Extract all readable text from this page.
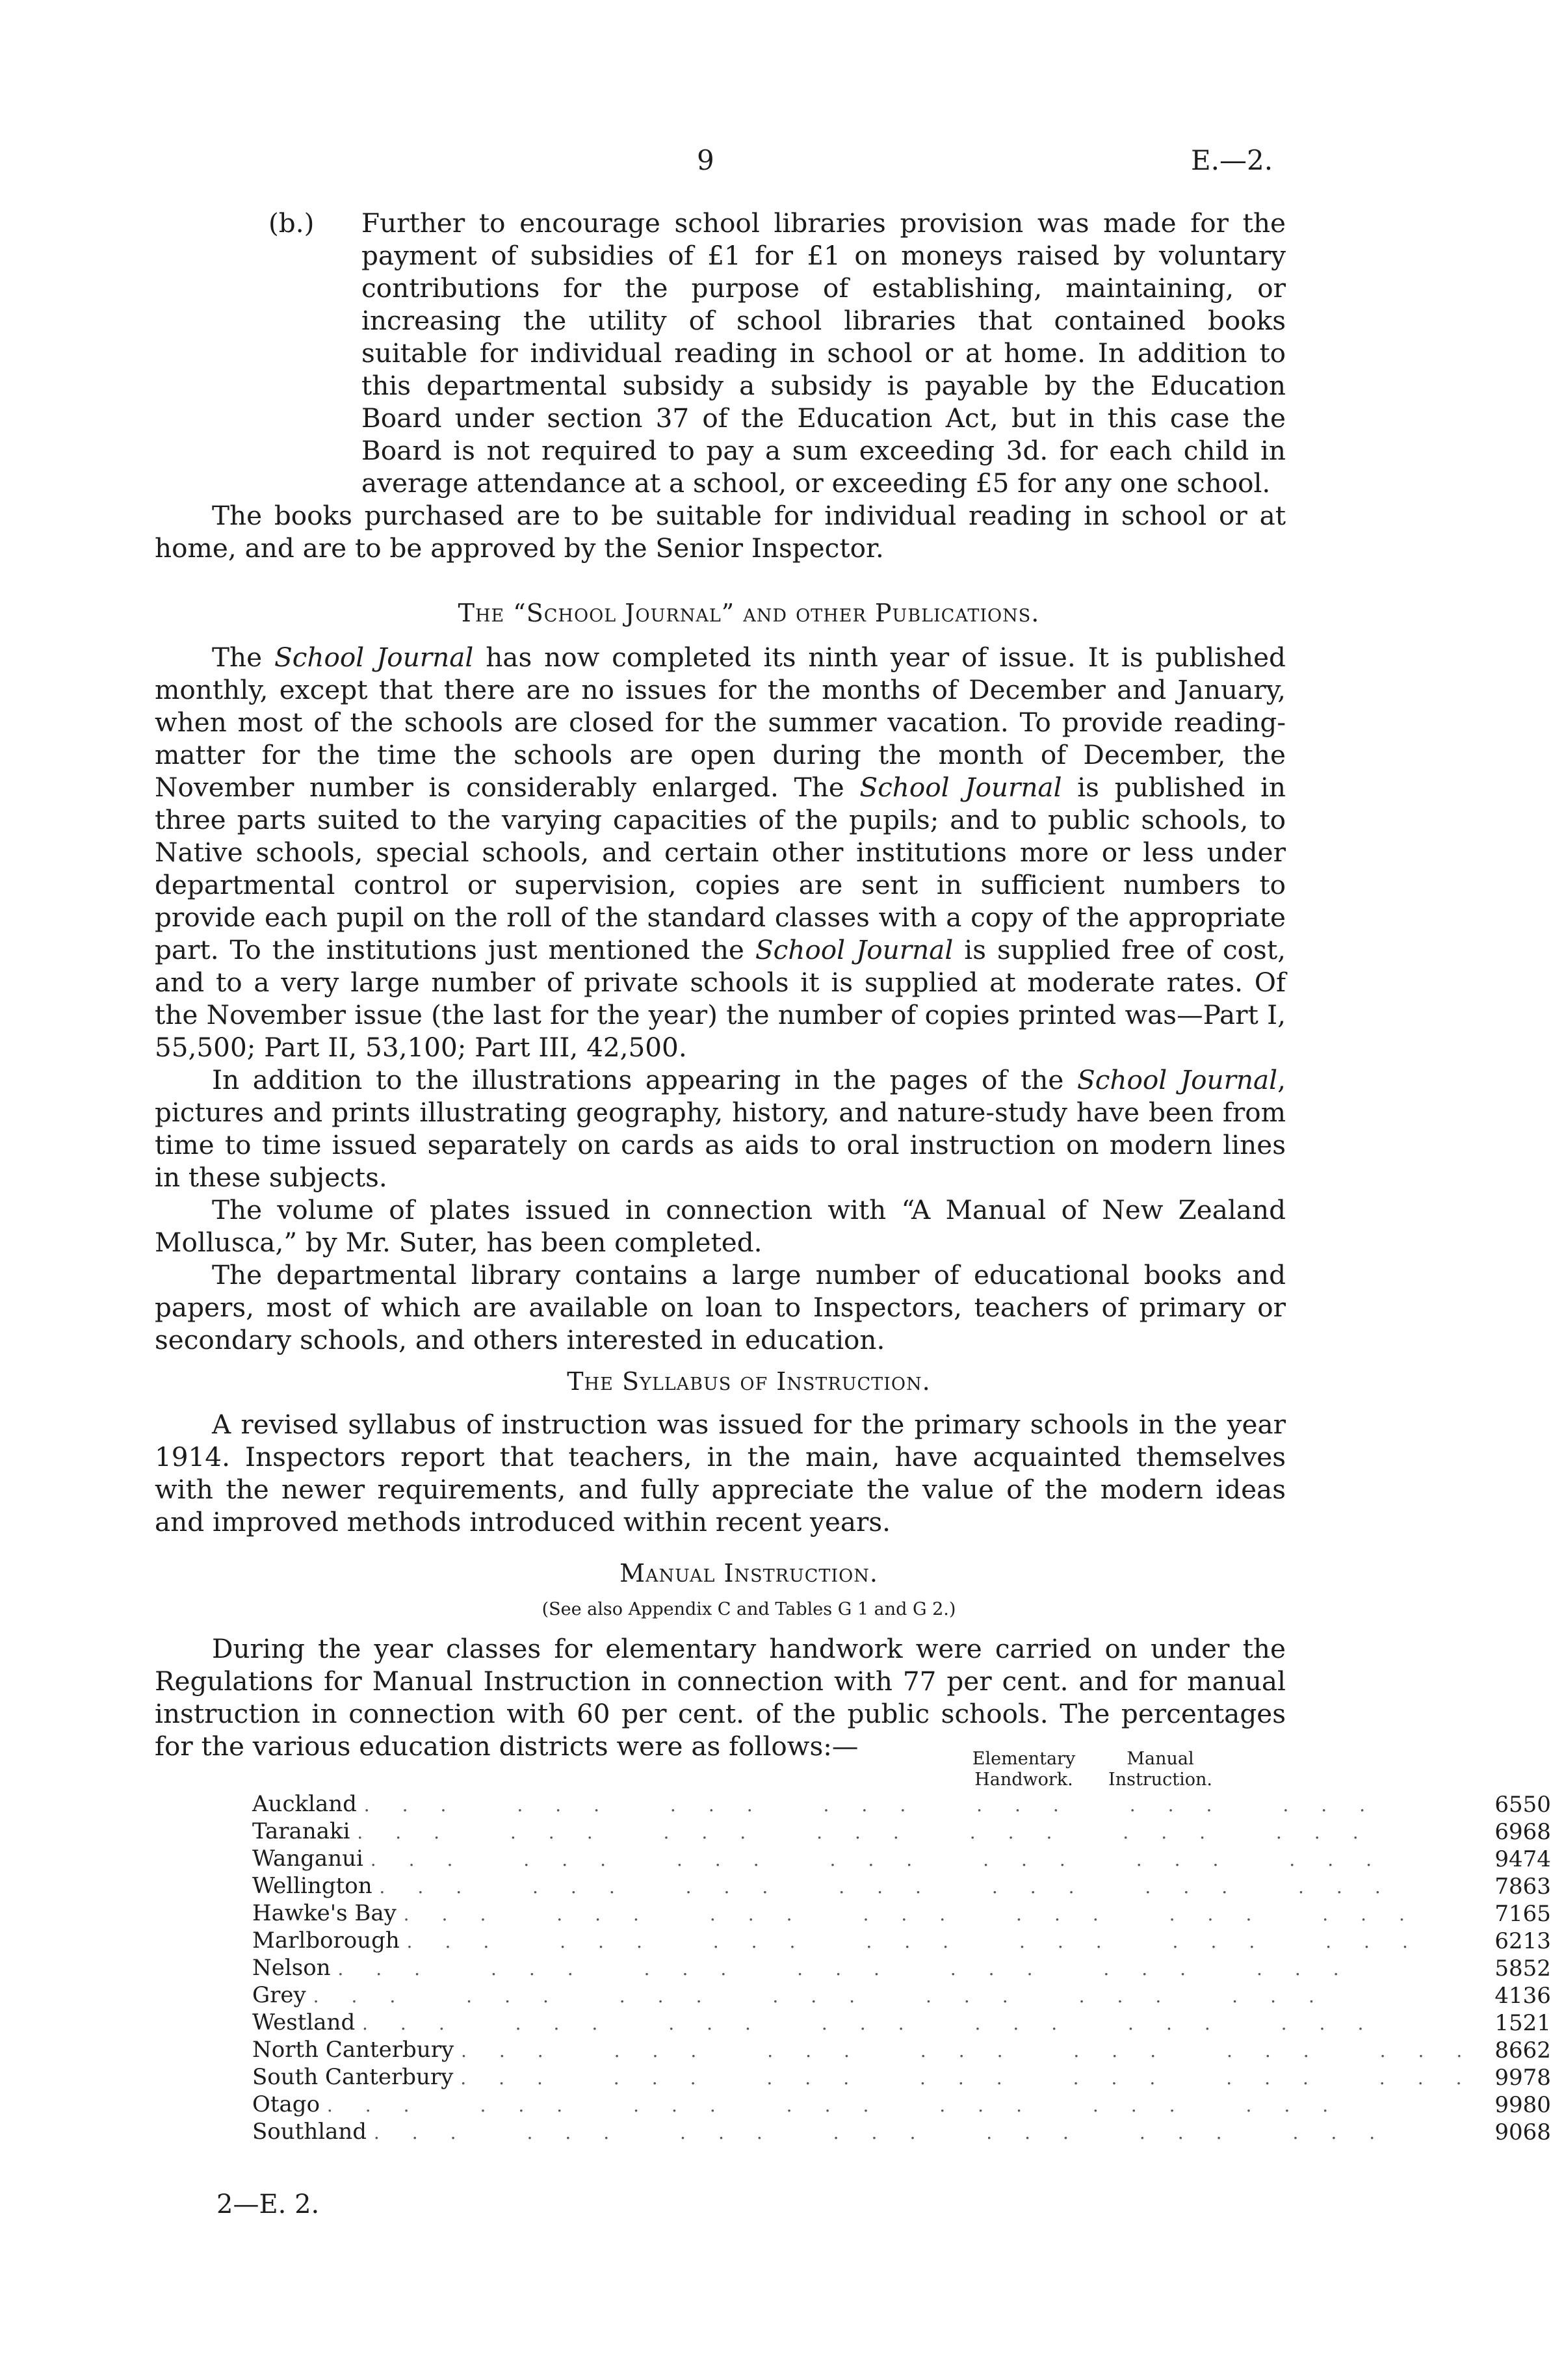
9	E.—2.

(b.) Further to encourage school libraries provision was made for the payment of subsidies of £1 for £1 on moneys raised by voluntary contributions for the purpose of establishing, maintaining, or increasing the utility of school libraries that contained books suitable for individual reading in school or at home. In addition to this departmental subsidy a subsidy is payable by the Education Board under section 37 of the Education Act, but in this case the Board is not required to pay a sum exceeding 3d. for each child in average attendance at a school, or exceeding £5 for any one school.

The books purchased are to be suitable for individual reading in school or at home, and are to be approved by the Senior Inspector.

The “School Journal” and other Publications.

The School Journal has now completed its ninth year of issue. It is published monthly, except that there are no issues for the months of December and January, when most of the schools are closed for the summer vacation. To provide reading-matter for the time the schools are open during the month of December, the November number is considerably enlarged. The School Journal is published in three parts suited to the varying capacities of the pupils; and to public schools, to Native schools, special schools, and certain other institutions more or less under departmental control or supervision, copies are sent in sufficient numbers to provide each pupil on the roll of the standard classes with a copy of the appropriate part. To the institutions just mentioned the School Journal is supplied free of cost, and to a very large number of private schools it is supplied at moderate rates. Of the November issue (the last for the year) the number of copies printed was—Part I, 55,500; Part II, 53,100; Part III, 42,500.

In addition to the illustrations appearing in the pages of the School Journal, pictures and prints illustrating geography, history, and nature-study have been from time to time issued separately on cards as aids to oral instruction on modern lines in these subjects.

The volume of plates issued in connection with “A Manual of New Zealand Mollusca,” by Mr. Suter, has been completed.

The departmental library contains a large number of educational books and papers, most of which are available on loan to Inspectors, teachers of primary or secondary schools, and others interested in education.

The Syllabus of Instruction.

A revised syllabus of instruction was issued for the primary schools in the year 1914. Inspectors report that teachers, in the main, have acquainted themselves with the newer requirements, and fully appreciate the value of the modern ideas and improved methods introduced within recent years.

Manual Instruction.

(See also Appendix C and Tables G 1 and G 2.)

During the year classes for elementary handwork were carried on under the Regulations for Manual Instruction in connection with 77 per cent. and for manual instruction in connection with 60 per cent. of the public schools. The percentages for the various education districts were as follows:—	Elementary
Handwork.
Manual
Instruction.
Auckland ... ... ... ... ... ... ...	65	50
Taranaki ... ... ... ... ... ... ...	69	68
Wanganui ... ... ... ... ... ... ...	94	74
Wellington ... ... ... ... ... ... ...	78	63
Hawke's Bay ... ... ... ... ... ... ...	71	65
Marlborough ... ... ... ... ... ... ...	62	13
Nelson ... ... ... ... ... ... ...	58	52
Grey ... ... ... ... ... ... ...	41	36
Westland ... ... ... ... ... ... ...	15	21
North Canterbury ... ... ... ... ... ... ...	86	62
South Canterbury ... ... ... ... ... ... ...	99	78
Otago ... ... ... ... ... ... ...	99	80
Southland ... ... ... ... ... ... ...	90	68
2—E. 2.
